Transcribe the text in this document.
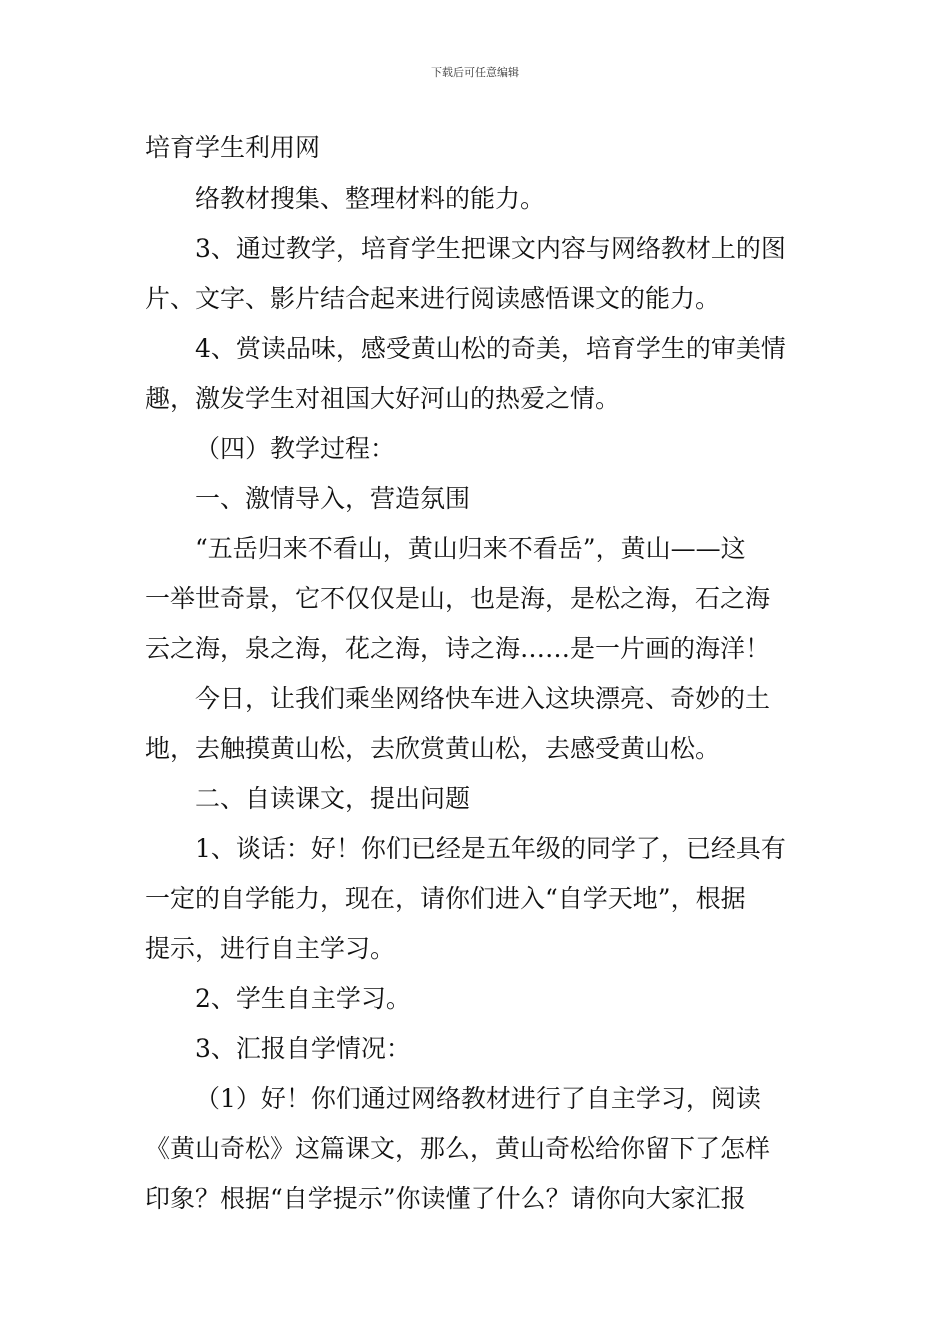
下载后可任意编辑
培育学生利用网
络教材搜集、整理材料的能力。
3、通过教学，培育学生把课文内容与网络教材上的图
片、文字、影片结合起来进行阅读感悟课文的能力。
4、赏读品味，感受黄山松的奇美，培育学生的审美情
趣，激发学生对祖国大好河山的热爱之情。
（四）教学过程：
一、激情导入，营造氛围
“五岳归来不看山，黄山归来不看岳”，黄山——这
一举世奇景，它不仅仅是山，也是海，是松之海，石之海
云之海，泉之海，花之海，诗之海……是一片画的海洋！
今日，让我们乘坐网络快车进入这块漂亮、奇妙的土
地，去触摸黄山松，去欣赏黄山松，去感受黄山松。
二、自读课文，提出问题
1、谈话：好！你们已经是五年级的同学了，已经具有
一定的自学能力，现在，请你们进入“自学天地”，根据
提示，进行自主学习。
2、学生自主学习。
3、汇报自学情况：
（1）好！你们通过网络教材进行了自主学习，阅读
《黄山奇松》这篇课文，那么，黄山奇松给你留下了怎样
印象？根据“自学提示”你读懂了什么？请你向大家汇报
